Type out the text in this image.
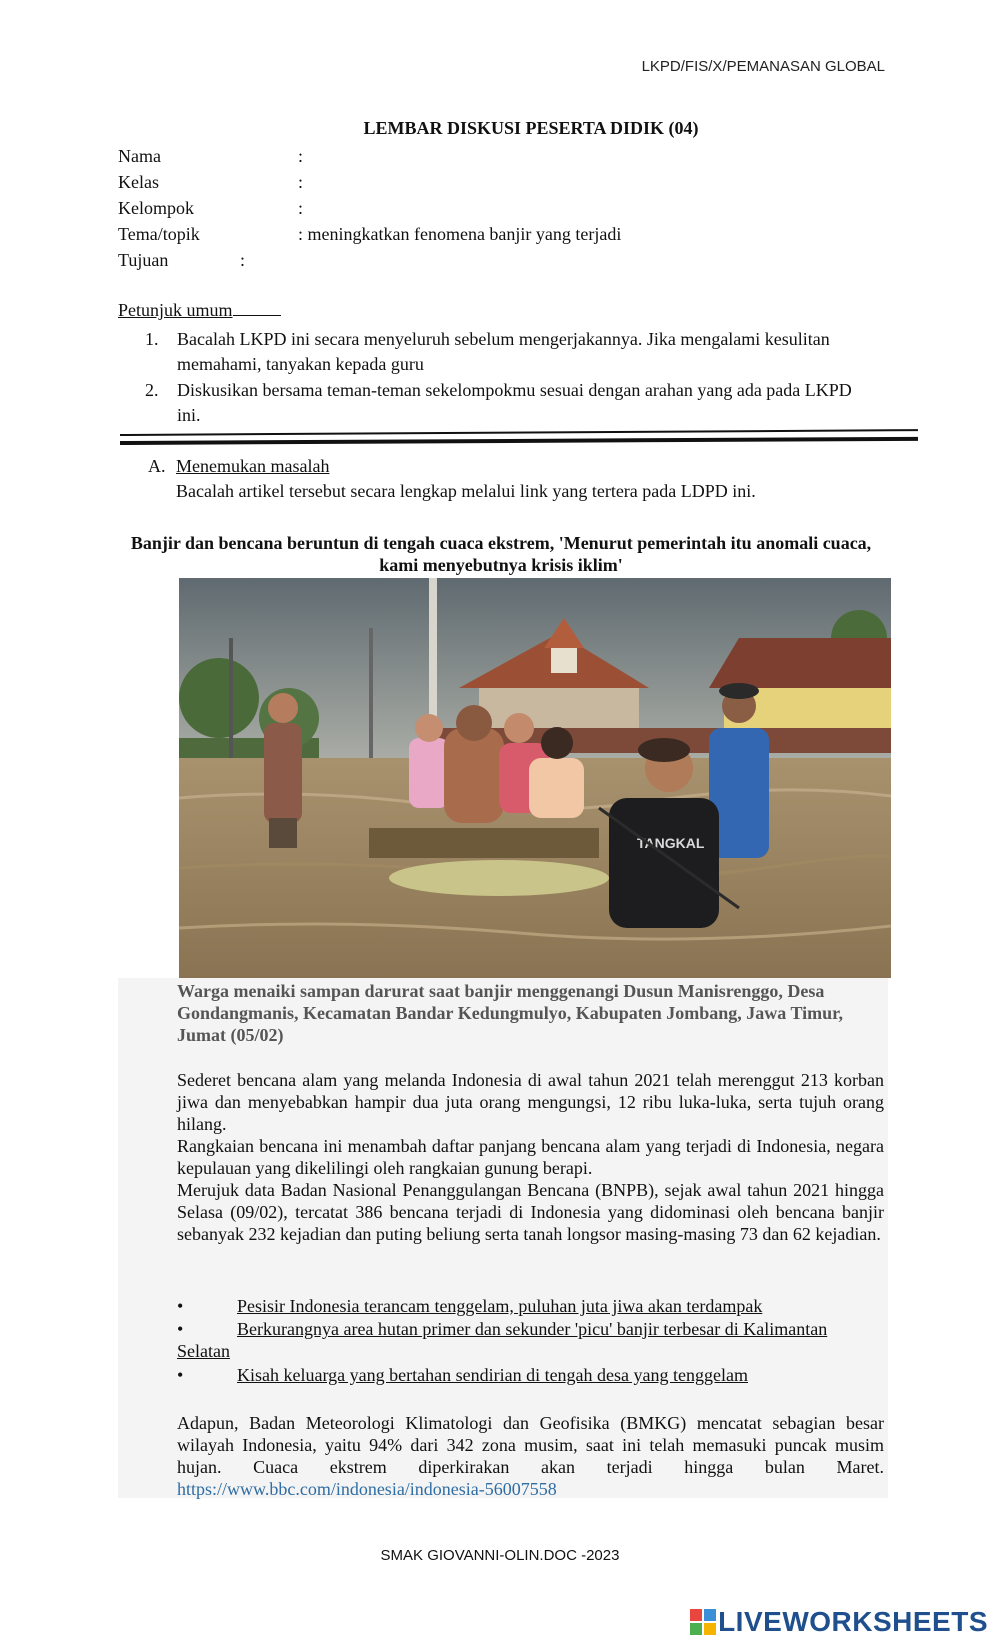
LKPD/FIS/X/PEMANASAN GLOBAL
LEMBAR DISKUSI PESERTA DIDIK (04)
Nama	:
Kelas	:
Kelompok	:
Tema/topik	: meningkatkan fenomena banjir yang terjadi
Tujuan	:
Petunjuk umum
1.	Bacalah LKPD ini secara menyeluruh sebelum mengerjakannya. Jika mengalami kesulitan memahami, tanyakan kepada guru
2.	Diskusikan bersama teman-teman sekelompokmu sesuai dengan arahan yang ada pada LKPD ini.
A. Menemukan masalah
Bacalah artikel tersebut secara lengkap melalui link yang tertera pada LDPD ini.
Banjir dan bencana beruntun di tengah cuaca ekstrem, 'Menurut pemerintah itu anomali cuaca, kami menyebutnya krisis iklim'
TANGKAL
Warga menaiki sampan darurat saat banjir menggenangi Dusun Manisrenggo, Desa Gondangmanis, Kecamatan Bandar Kedungmulyo, Kabupaten Jombang, Jawa Timur, Jumat (05/02)
Sederet bencana alam yang melanda Indonesia di awal tahun 2021 telah merenggut 213 korban jiwa dan menyebabkan hampir dua juta orang mengungsi, 12 ribu luka-luka, serta tujuh orang hilang.
Rangkaian bencana ini menambah daftar panjang bencana alam yang terjadi di Indonesia, negara kepulauan yang dikelilingi oleh rangkaian gunung berapi.
Merujuk data Badan Nasional Penanggulangan Bencana (BNPB), sejak awal tahun 2021 hingga Selasa (09/02), tercatat 386 bencana terjadi di Indonesia yang didominasi oleh bencana banjir sebanyak 232 kejadian dan puting beliung serta tanah longsor masing-masing 73 dan 62 kejadian.
•	Pesisir Indonesia terancam tenggelam, puluhan juta jiwa akan terdampak
•	Berkurangnya area hutan primer dan sekunder 'picu' banjir terbesar di Kalimantan Selatan
•	Kisah keluarga yang bertahan sendirian di tengah desa yang tenggelam
Adapun, Badan Meteorologi Klimatologi dan Geofisika (BMKG) mencatat sebagian besar wilayah Indonesia, yaitu 94% dari 342 zona musim, saat ini telah memasuki puncak musim hujan. Cuaca ekstrem diperkirakan akan terjadi hingga bulan Maret. https://www.bbc.com/indonesia/indonesia-56007558
SMAK GIOVANNI-OLIN.DOC -2023
LIVEWORKSHEETS
